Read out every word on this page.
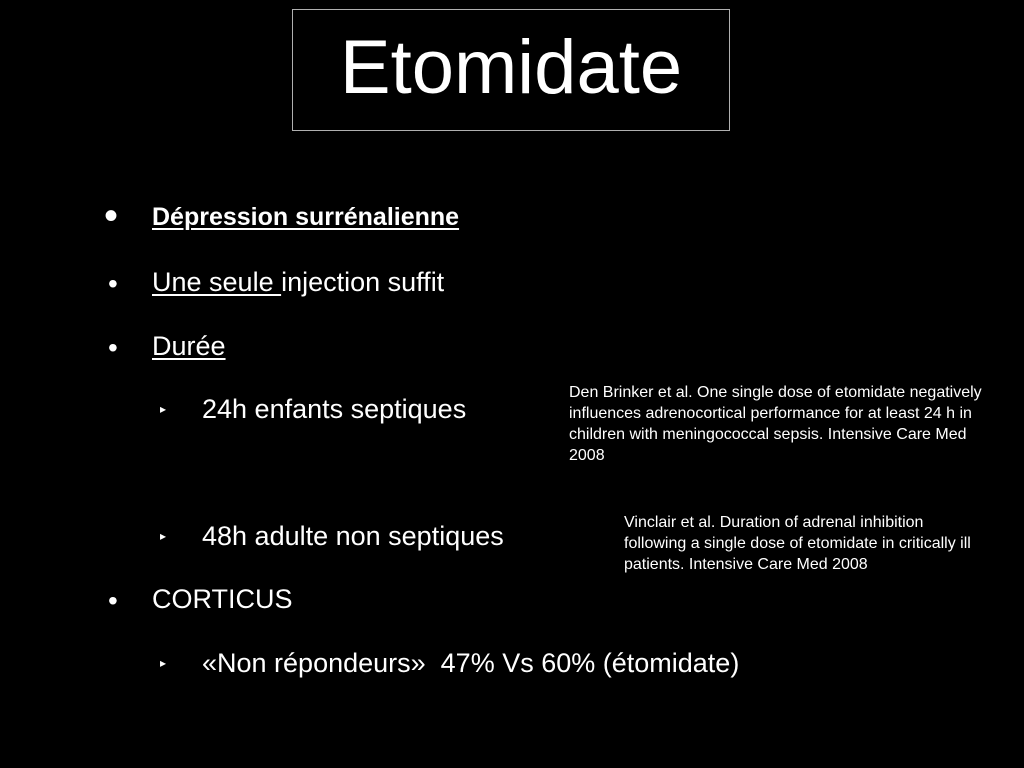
Etomidate
• Dépression surrénalienne
• Une seule injection suffit
• Durée
▸ 24h enfants septiques
Den Brinker et al. One single dose of etomidate negatively influences adrenocortical performance for at least 24 h in children with meningococcal sepsis. Intensive Care Med 2008
▸ 48h adulte non septiques	Vinclair et al. Duration of adrenal inhibition following a single dose of etomidate in critically ill patients. Intensive Care Med 2008
• CORTICUS
▸ «Non répondeurs»  47% Vs 60% (étomidate)
